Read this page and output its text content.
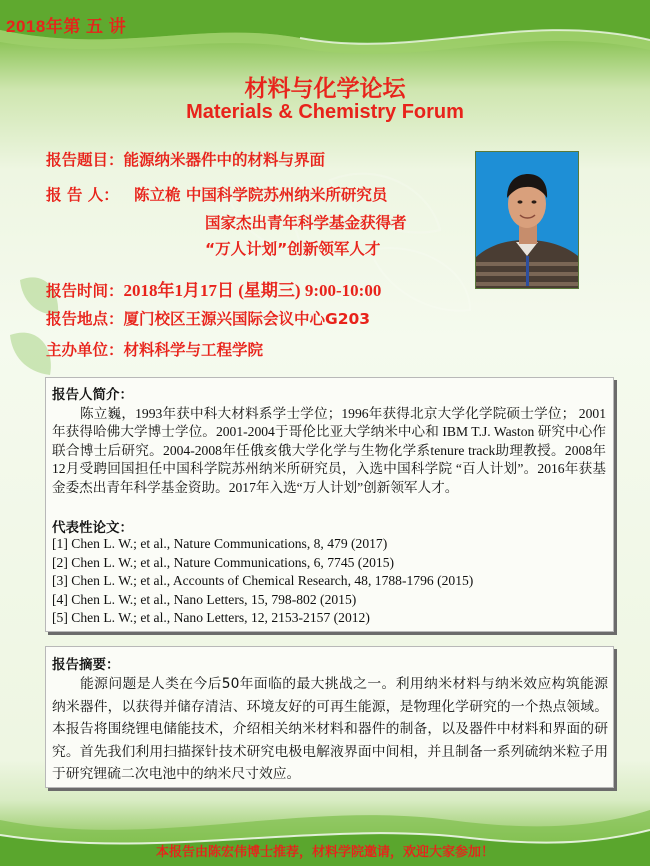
2018年第 五 讲
材料与化学论坛
Materials & Chemistry Forum
报告题目：能源纳米器件中的材料与界面
报 告 人： 陈立桅 中国科学院苏州纳米所研究员
国家杰出青年科学基金获得者
“万人计划”创新领军人才
报告时间：2018年1月17日 (星期三) 9:00-10:00
报告地点：厦门校区王源兴国际会议中心G203
主办单位：材料科学与工程学院
报告人简介：
陈立巍，1993年获中科大材料系学士学位；1996年获得北京大学化学院硕士学位； 2001年获得哈佛大学博士学位。2001-2004于哥伦比亚大学纳米中心和 IBM T.J. Waston 研究中心作联合博士后研究。2004-2008年任俄亥俄大学化学与生物化学系tenure track助理教授。2008年12月受聘回国担任中国科学院苏州纳米所研究员，入选中国科学院 “百人计划”。2016年获基金委杰出青年科学基金资助。2017年入选“万人计划”创新领军人才。
代表性论文：
[1] Chen L. W.; et al., Nature Communications, 8, 479 (2017)
[2] Chen L. W.; et al., Nature Communications, 6, 7745 (2015)
[3] Chen L. W.; et al., Accounts of Chemical Research, 48, 1788-1796 (2015)
[4] Chen L. W.; et al., Nano Letters, 15, 798-802 (2015)
[5] Chen L. W.; et al., Nano Letters, 12, 2153-2157 (2012)
报告摘要：
能源问题是人类在今后50年面临的最大挑战之一。利用纳米材料与纳米效应构筑能源纳米器件，以获得并储存清洁、环境友好的可再生能源，是物理化学研究的一个热点领域。本报告将围绕锂电储能技术，介绍相关纳米材料和器件的制备，以及器件中材料和界面的研究。首先我们利用扫描探针技术研究电极电解液界面中间相，并且制备一系列硫纳米粒子用于研究锂硫二次电池中的纳米尺寸效应。
本报告由陈宏伟博士推荐，材料学院邀请，欢迎大家参加！
